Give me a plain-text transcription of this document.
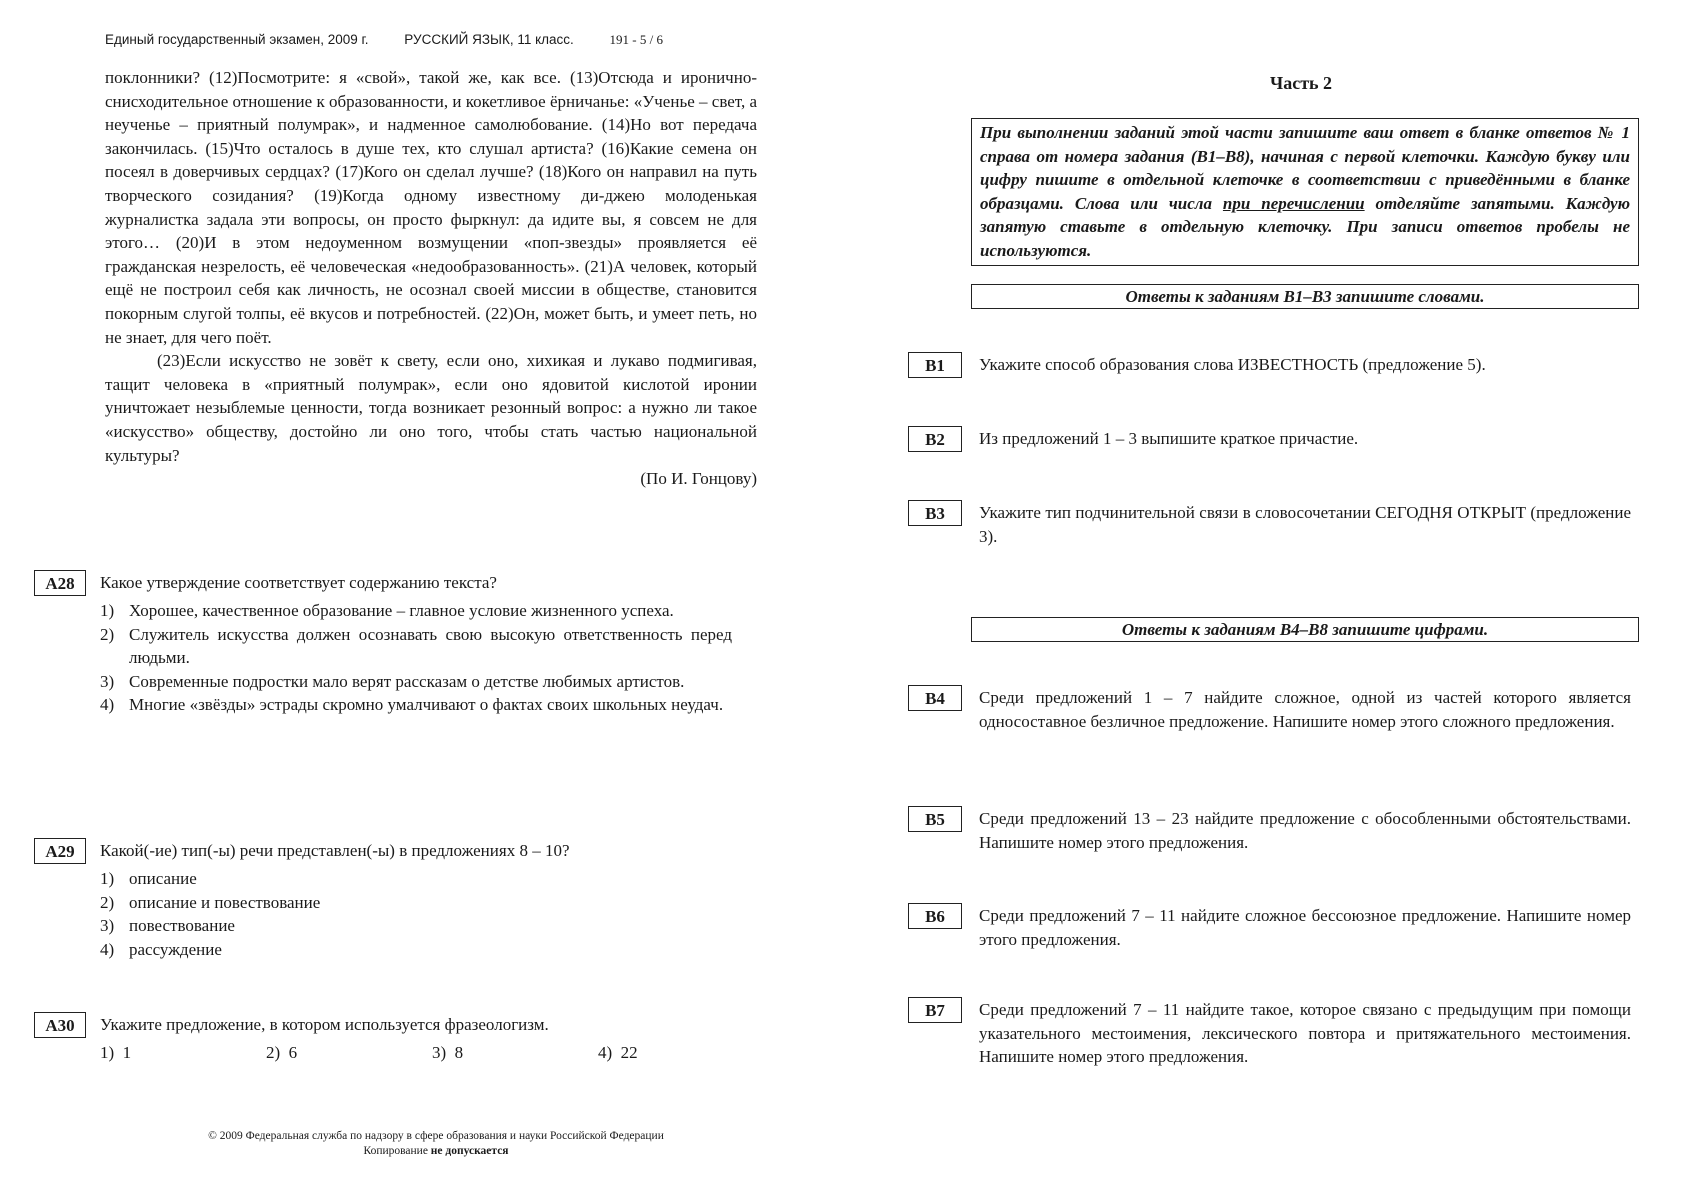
Единый государственный экзамен, 2009 г.	РУССКИЙ ЯЗЫК, 11 класс.	191 - 5 / 6

поклонники? (12)Посмотрите: я «свой», такой же, как все. (13)Отсюда и иронично-снисходительное отношение к образованности, и кокетливое ёрничанье: «Ученье – свет, а неученье – приятный полумрак», и надменное самолюбование. (14)Но вот передача закончилась. (15)Что осталось в душе тех, кто слушал артиста? (16)Какие семена он посеял в доверчивых сердцах? (17)Кого он сделал лучше? (18)Кого он направил на путь творческого созидания? (19)Когда одному известному ди-джею молоденькая журналистка задала эти вопросы, он просто фыркнул: да идите вы, я совсем не для этого… (20)И в этом недоуменном возмущении «поп-звезды» проявляется её гражданская незрелость, её человеческая «недообразованность». (21)А человек, который ещё не построил себя как личность, не осознал своей миссии в обществе, становится покорным слугой толпы, её вкусов и потребностей. (22)Он, может быть, и умеет петь, но не знает, для чего поёт.

(23)Если искусство не зовёт к свету, если оно, хихикая и лукаво подмигивая, тащит человека в «приятный полумрак», если оно ядовитой кислотой иронии уничтожает незыблемые ценности, тогда возникает резонный вопрос: а нужно ли такое «искусство» обществу, достойно ли оно того, чтобы стать частью национальной культуры?

(По И. Гонцову)
A28	Какое утверждение соответствует содержанию текста?
1) Хорошее, качественное образование – главное условие жизненного успеха.
2) Служитель искусства должен осознавать свою высокую ответственность перед людьми.
3) Современные подростки мало верят рассказам о детстве любимых артистов.
4) Многие «звёзды» эстрады скромно умалчивают о фактах своих школьных неудач.
A29	Какой(-ие) тип(-ы) речи представлен(-ы) в предложениях 8 – 10?
1) описание
2) описание и повествование
3) повествование
4) рассуждение
A30	Укажите предложение, в котором используется фразеологизм.
1) 1	2) 6	3) 8	4) 22
© 2009 Федеральная служба по надзору в сфере образования и науки Российской Федерации
Копирование не допускается
Часть 2
При выполнении заданий этой части запишите ваш ответ в бланке ответов № 1 справа от номера задания (В1–В8), начиная с первой клеточки. Каждую букву или цифру пишите в отдельной клеточке в соответствии с приведёнными в бланке образцами. Слова или числа при перечислении отделяйте запятыми. Каждую запятую ставьте в отдельную клеточку. При записи ответов пробелы не используются.
Ответы к заданиям В1–В3 запишите словами.
B1	Укажите способ образования слова ИЗВЕСТНОСТЬ (предложение 5).
B2	Из предложений 1 – 3 выпишите краткое причастие.
B3	Укажите тип подчинительной связи в словосочетании СЕГОДНЯ ОТКРЫТ (предложение 3).
Ответы к заданиям В4–В8 запишите цифрами.
B4	Среди предложений 1 – 7 найдите сложное, одной из частей которого является односоставное безличное предложение. Напишите номер этого сложного предложения.
B5	Среди предложений 13 – 23 найдите предложение с обособленными обстоятельствами. Напишите номер этого предложения.
B6	Среди предложений 7 – 11 найдите сложное бессоюзное предложение. Напишите номер этого предложения.
B7	Среди предложений 7 – 11 найдите такое, которое связано с предыдущим при помощи указательного местоимения, лексического повтора и притяжательного местоимения. Напишите номер этого предложения.
